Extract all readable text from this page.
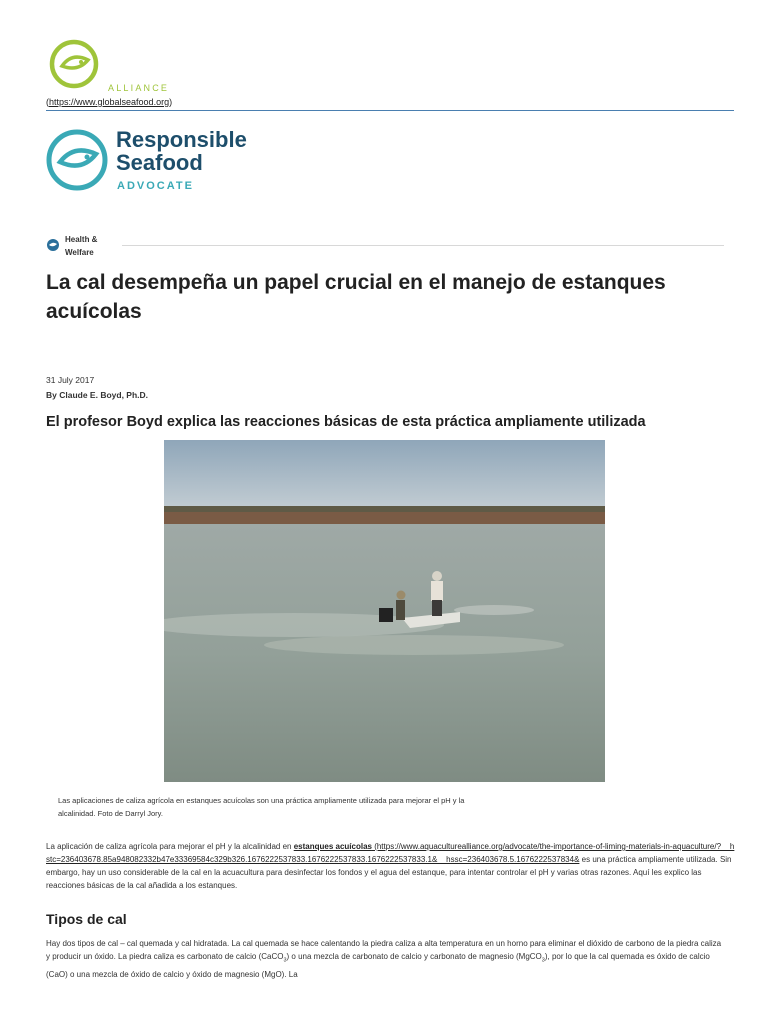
ALLIANCE
(https://www.globalseafood.org)
Responsible
Seafood
ADVOCATE
Health &
Welfare
La cal desempeña un papel crucial en el manejo de estanques acuícolas
31 July 2017
By Claude E. Boyd, Ph.D.
El profesor Boyd explica las reacciones básicas de esta práctica ampliamente utilizada
Las aplicaciones de caliza agrícola en estanques acuícolas son una práctica ampliamente utilizada para mejorar el pH y la alcalinidad. Foto de Darryl Jory.
La aplicación de caliza agrícola para mejorar el pH y la alcalinidad en estanques acuícolas (https://www.aquaculturealliance.org/advocate/the-importance-of-liming-materials-in-aquaculture/?__hstc=236403678.85a948082332b47e33369584c329b326.1676222537833.1676222537833.1676222537833.1&__hssc=236403678.5.1676222537834& es una práctica ampliamente utilizada. Sin embargo, hay un uso considerable de la cal en la acuacultura para desinfectar los fondos y el agua del estanque, para intentar controlar el pH y varias otras razones. Aquí les explico las reacciones básicas de la cal añadida a los estanques.
Tipos de cal
Hay dos tipos de cal – cal quemada y cal hidratada. La cal quemada se hace calentando la piedra caliza a alta temperatura en un horno para eliminar el dióxido de carbono de la piedra caliza y producir un óxido. La piedra caliza es carbonato de calcio (CaCO$_3$) o una mezcla de carbonato de calcio y carbonato de magnesio (MgCO$_3$), por lo que la cal quemada es óxido de calcio (CaO) o una mezcla de óxido de calcio y óxido de magnesio (MgO). La
